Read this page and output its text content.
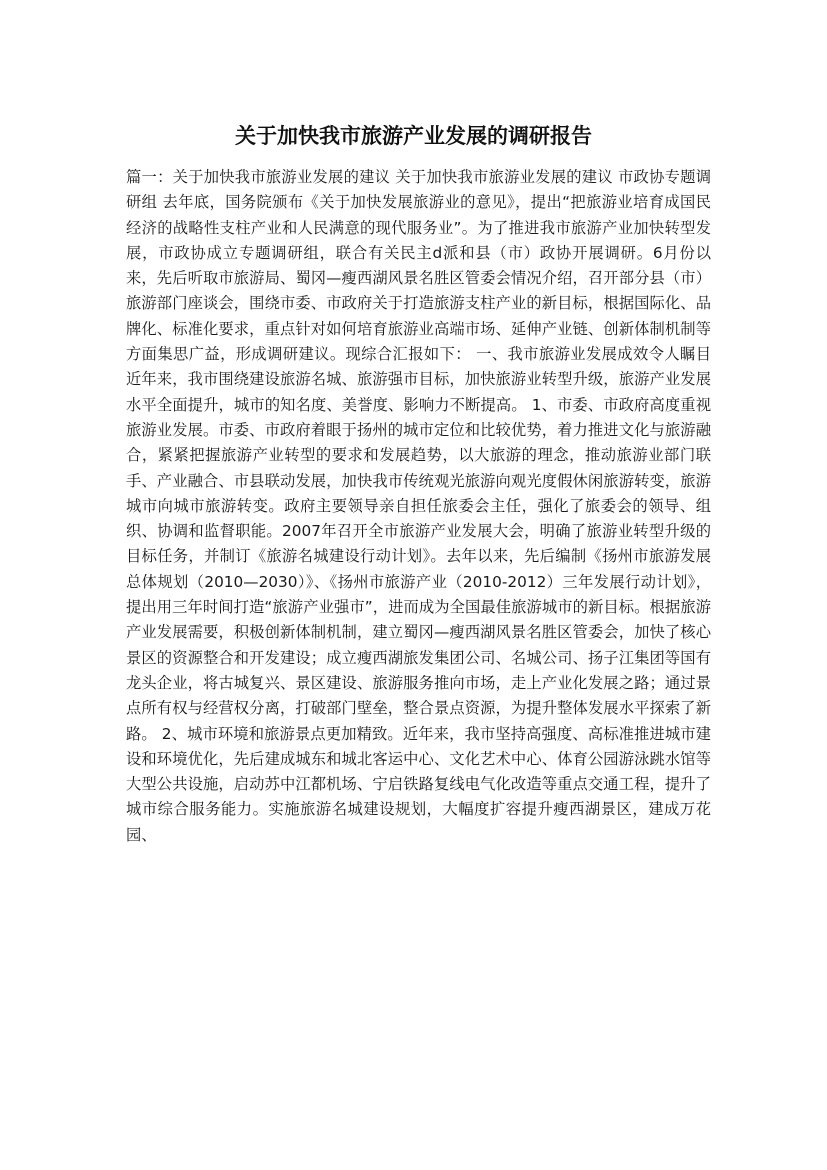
关于加快我市旅游产业发展的调研报告

篇一：关于加快我市旅游业发展的建议 关于加快我市旅游业发展的建议 市政协专题调研组 去年底，国务院颁布《关于加快发展旅游业的意见》，提出“把旅游业培育成国民经济的战略性支柱产业和人民满意的现代服务业”。为了推进我市旅游产业加快转型发展，市政协成立专题调研组，联合有关民主d派和县（市）政协开展调研。6月份以来，先后听取市旅游局、蜀冈—瘦西湖风景名胜区管委会情况介绍，召开部分县（市）旅游部门座谈会，围绕市委、市政府关于打造旅游支柱产业的新目标，根据国际化、品牌化、标准化要求，重点针对如何培育旅游业高端市场、延伸产业链、创新体制机制等方面集思广益，形成调研建议。现综合汇报如下： 一、我市旅游业发展成效令人瞩目 近年来，我市围绕建设旅游名城、旅游强市目标，加快旅游业转型升级，旅游产业发展水平全面提升，城市的知名度、美誉度、影响力不断提高。 1、市委、市政府高度重视旅游业发展。市委、市政府着眼于扬州的城市定位和比较优势，着力推进文化与旅游融合，紧紧把握旅游产业转型的要求和发展趋势，以大旅游的理念，推动旅游业部门联手、产业融合、市县联动发展，加快我市传统观光旅游向观光度假休闲旅游转变，旅游城市向城市旅游转变。政府主要领导亲自担任旅委会主任，强化了旅委会的领导、组织、协调和监督职能。2007年召开全市旅游产业发展大会，明确了旅游业转型升级的目标任务，并制订《旅游名城建设行动计划》。去年以来，先后编制《扬州市旅游发展总体规划（2010—2030）》、《扬州市旅游产业（2010-2012）三年发展行动计划》，提出用三年时间打造“旅游产业强市”，进而成为全国最佳旅游城市的新目标。根据旅游产业发展需要，积极创新体制机制，建立蜀冈—瘦西湖风景名胜区管委会，加快了核心景区的资源整合和开发建设；成立瘦西湖旅发集团公司、名城公司、扬子江集团等国有龙头企业，将古城复兴、景区建设、旅游服务推向市场，走上产业化发展之路；通过景点所有权与经营权分离，打破部门壁垒，整合景点资源，为提升整体发展水平探索了新路。 2、城市环境和旅游景点更加精致。近年来，我市坚持高强度、高标准推进城市建设和环境优化，先后建成城东和城北客运中心、文化艺术中心、体育公园游泳跳水馆等大型公共设施，启动苏中江都机场、宁启铁路复线电气化改造等重点交通工程，提升了城市综合服务能力。实施旅游名城建设规划，大幅度扩容提升瘦西湖景区，建成万花园、
